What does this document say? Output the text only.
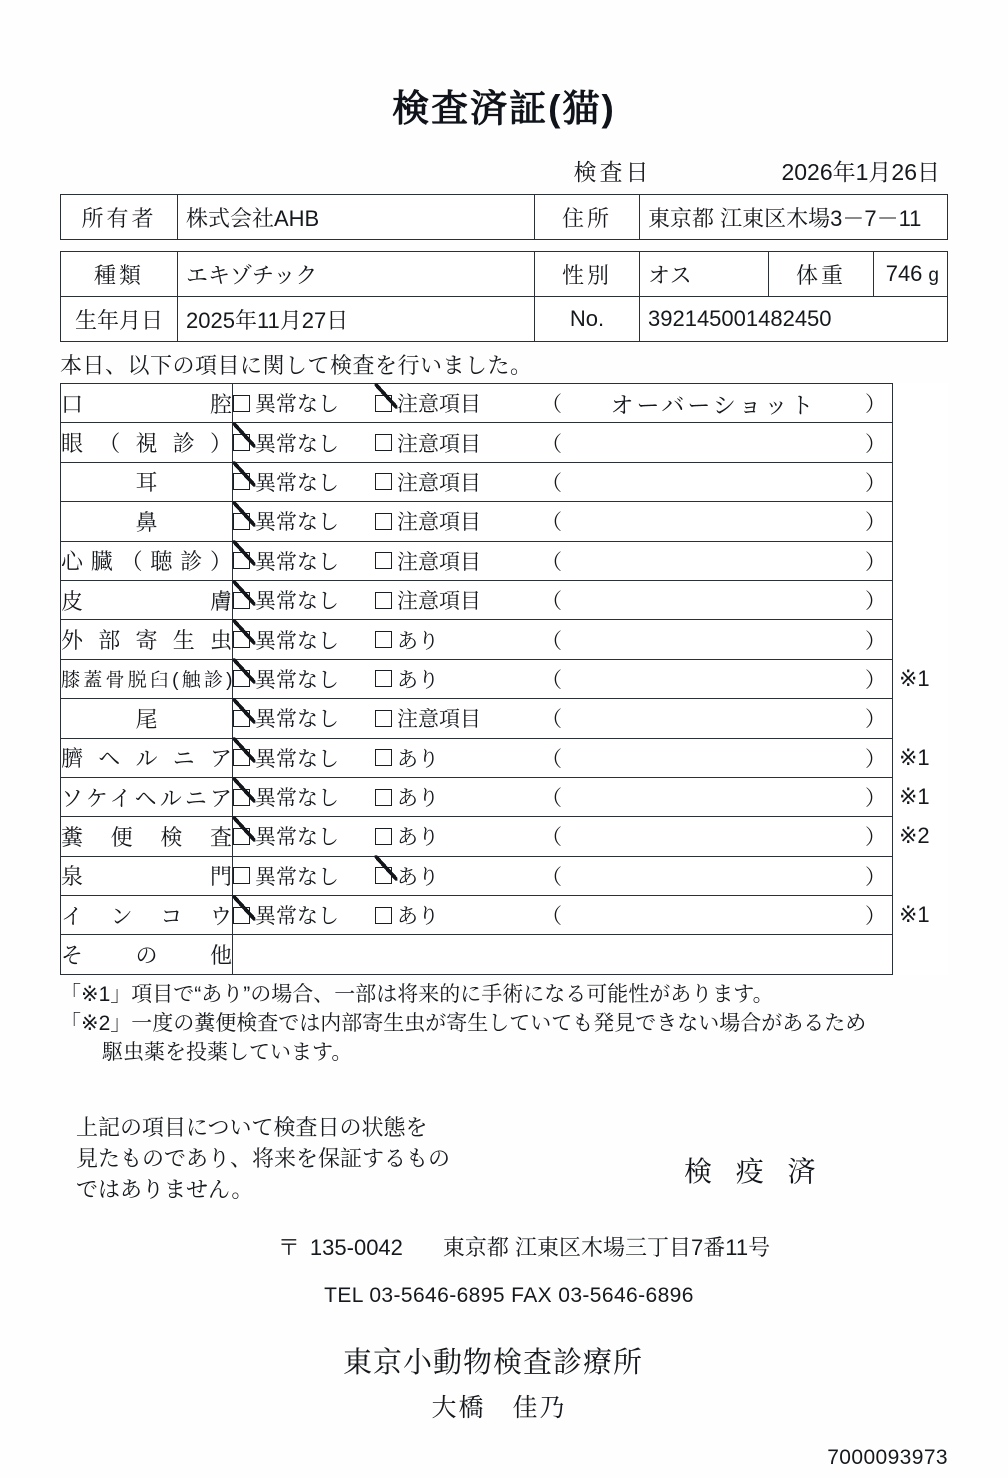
検査済証(猫)
検査日	2026年1月26日
所有者	株式会社AHB	住所	東京都 江東区木場3－7－11
種類	エキゾチック	性別	オス	体重	746 g
生年月日	2025年11月27日	No.	392145001482450		
本日、以下の項目に関して検査を行いました。
口腔	異常なし 注意項目 （ オーバーショット ）	

眼（視診）	異常なし 注意項目 （ ）	

耳	異常なし 注意項目 （ ）	

鼻	異常なし 注意項目 （ ）	

心臓（聴診）	異常なし 注意項目 （ ）	

皮膚	異常なし 注意項目 （ ）	

外部寄生虫	異常なし あり （ ）	

膝蓋骨脱臼(触診)	異常なし あり （ ）	※1
尾	異常なし 注意項目 （ ）	

臍ヘルニア	異常なし あり （ ）	※1
ソケイヘルニア	異常なし あり （ ）	※1
糞便検査	異常なし あり （ ）	※2
泉門	異常なし あり （ ）	

インコウ	異常なし あり （ ）	※1
その他		
「※1」項目で“あり”の場合、一部は将来的に手術になる可能性があります。
「※2」一度の糞便検査では内部寄生虫が寄生していても発見できない場合があるため
駆虫薬を投薬しています。
上記の項目について検査日の状態を
見たものであり、将来を保証するもの
ではありません。
検 疫 済
〒 135-0042 東京都 江東区木場三丁目7番11号
TEL 03-5646-6895 FAX 03-5646-6896
東京小動物検査診療所
大橋　佳乃
7000093973
